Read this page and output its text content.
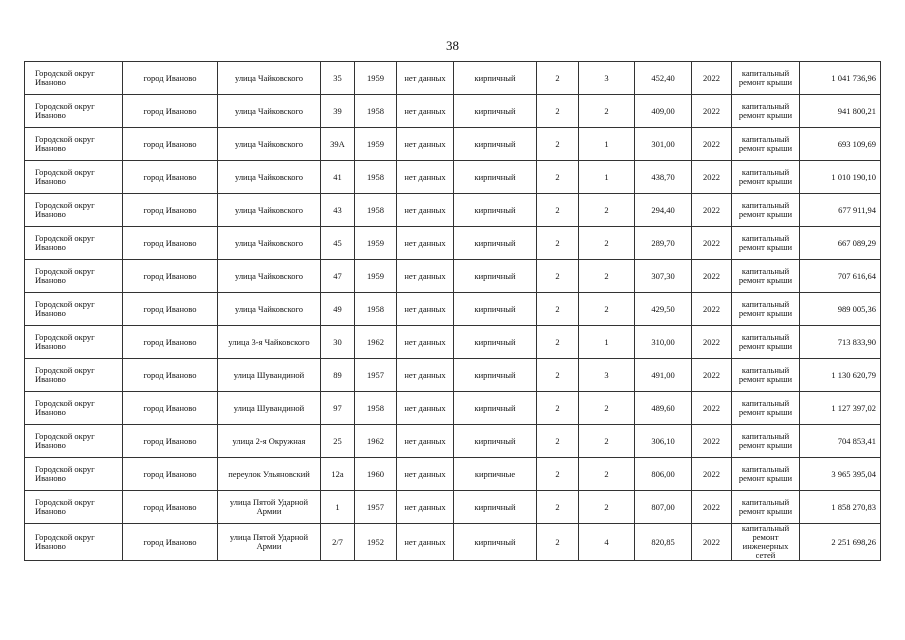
38
Городской округ Иваново	город Иваново	улица Чайковского	35	1959	нет данных	кирпичный	2	3	452,40	2022	капитальный ремонт крыши	1 041 736,96
Городской округ Иваново	город Иваново	улица Чайковского	39	1958	нет данных	кирпичный	2	2	409,00	2022	капитальный ремонт крыши	941 800,21
Городской округ Иваново	город Иваново	улица Чайковского	39А	1959	нет данных	кирпичный	2	1	301,00	2022	капитальный ремонт крыши	693 109,69
Городской округ Иваново	город Иваново	улица Чайковского	41	1958	нет данных	кирпичный	2	1	438,70	2022	капитальный ремонт крыши	1 010 190,10
Городской округ Иваново	город Иваново	улица Чайковского	43	1958	нет данных	кирпичный	2	2	294,40	2022	капитальный ремонт крыши	677 911,94
Городской округ Иваново	город Иваново	улица Чайковского	45	1959	нет данных	кирпичный	2	2	289,70	2022	капитальный ремонт крыши	667 089,29
Городской округ Иваново	город Иваново	улица Чайковского	47	1959	нет данных	кирпичный	2	2	307,30	2022	капитальный ремонт крыши	707 616,64
Городской округ Иваново	город Иваново	улица Чайковского	49	1958	нет данных	кирпичный	2	2	429,50	2022	капитальный ремонт крыши	989 005,36
Городской округ Иваново	город Иваново	улица 3-я Чайковского	30	1962	нет данных	кирпичный	2	1	310,00	2022	капитальный ремонт крыши	713 833,90
Городской округ Иваново	город Иваново	улица Шувандиной	89	1957	нет данных	кирпичный	2	3	491,00	2022	капитальный ремонт крыши	1 130 620,79
Городской округ Иваново	город Иваново	улица Шувандиной	97	1958	нет данных	кирпичный	2	2	489,60	2022	капитальный ремонт крыши	1 127 397,02
Городской округ Иваново	город Иваново	улица 2-я Окружная	25	1962	нет данных	кирпичный	2	2	306,10	2022	капитальный ремонт крыши	704 853,41
Городской округ Иваново	город Иваново	переулок Ульяновский	12а	1960	нет данных	кирпичные	2	2	806,00	2022	капитальный ремонт крыши	3 965 395,04
Городской округ Иваново	город Иваново	улица Пятой Ударной Армии	1	1957	нет данных	кирпичный	2	2	807,00	2022	капитальный ремонт крыши	1 858 270,83
Городской округ Иваново	город Иваново	улица Пятой Ударной Армии	2/7	1952	нет данных	кирпичный	2	4	820,85	2022	капитальный ремонт инженерных сетей	2 251 698,26
